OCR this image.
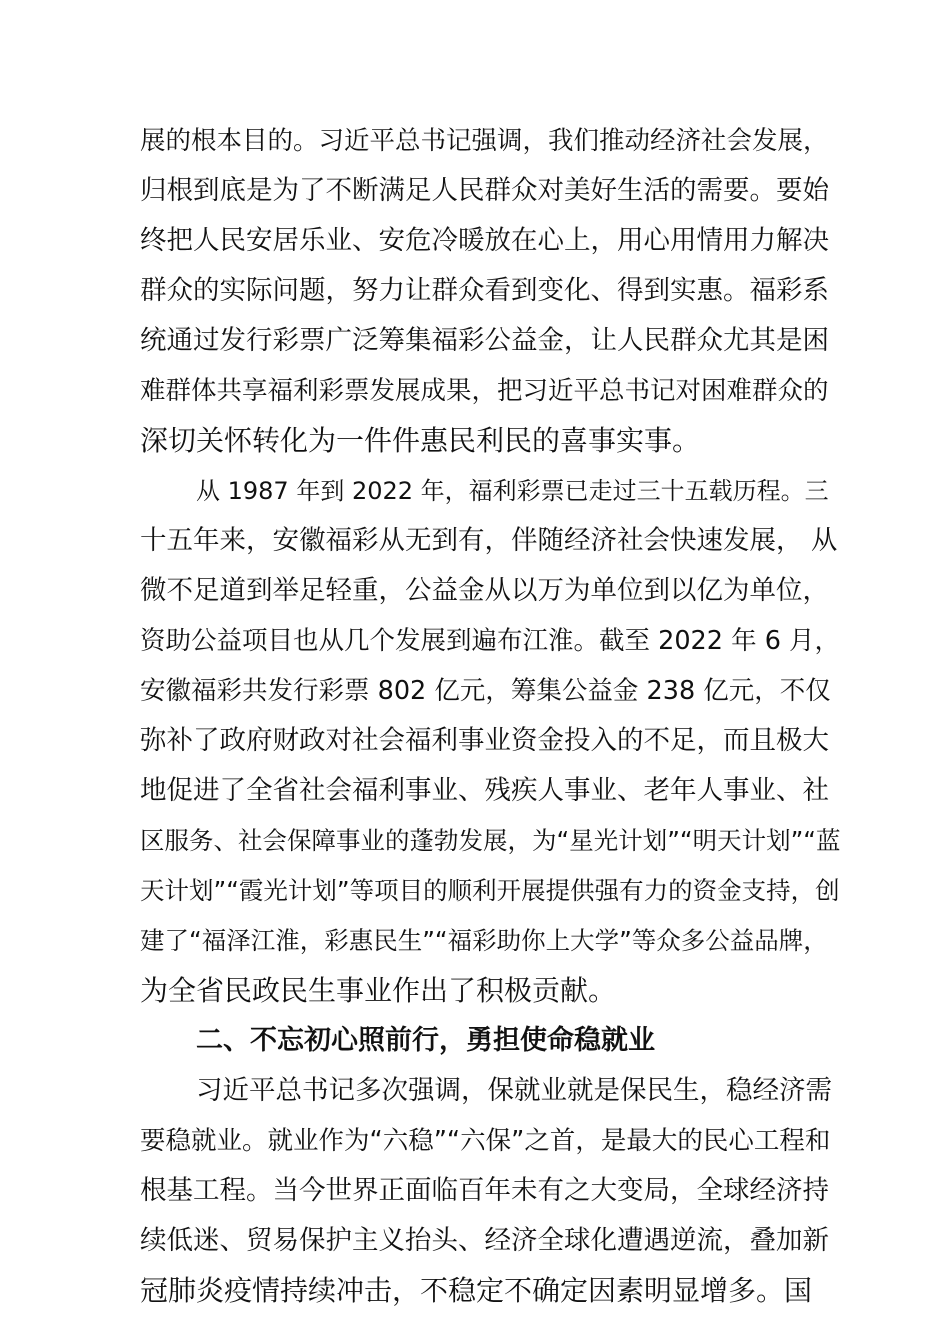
展的根本目的。习近平总书记强调，我们推动经济社会发展，
归根到底是为了不断满足人民群众对美好生活的需要。要始
终把人民安居乐业、安危冷暖放在心上，用心用情用力解决
群众的实际问题，努力让群众看到变化、得到实惠。福彩系
统通过发行彩票广泛筹集福彩公益金，让人民群众尤其是困
难群体共享福利彩票发展成果，把习近平总书记对困难群众的
深切关怀转化为一件件惠民利民的喜事实事。
从 1987 年到 2022 年，福利彩票已走过三十五载历程。三
十五年来，安徽福彩从无到有，伴随经济社会快速发展， 从
微不足道到举足轻重，公益金从以万为单位到以亿为单位，
资助公益项目也从几个发展到遍布江淮。截至 2022 年 6 月，
安徽福彩共发行彩票 802 亿元，筹集公益金 238 亿元，不仅
弥补了政府财政对社会福利事业资金投入的不足，而且极大
地促进了全省社会福利事业、残疾人事业、老年人事业、社
区服务、社会保障事业的蓬勃发展，为“星光计划”“明天计划”“蓝
天计划”“霞光计划”等项目的顺利开展提供强有力的资金支持，创
建了“福泽江淮，彩惠民生”“福彩助你上大学”等众多公益品牌，
为全省民政民生事业作出了积极贡献。
二、不忘初心照前行，勇担使命稳就业
习近平总书记多次强调，保就业就是保民生，稳经济需
要稳就业。就业作为“六稳”“六保”之首，是最大的民心工程和
根基工程。当今世界正面临百年未有之大变局，全球经济持
续低迷、贸易保护主义抬头、经济全球化遭遇逆流，叠加新
冠肺炎疫情持续冲击，不稳定不确定因素明显增多。国
